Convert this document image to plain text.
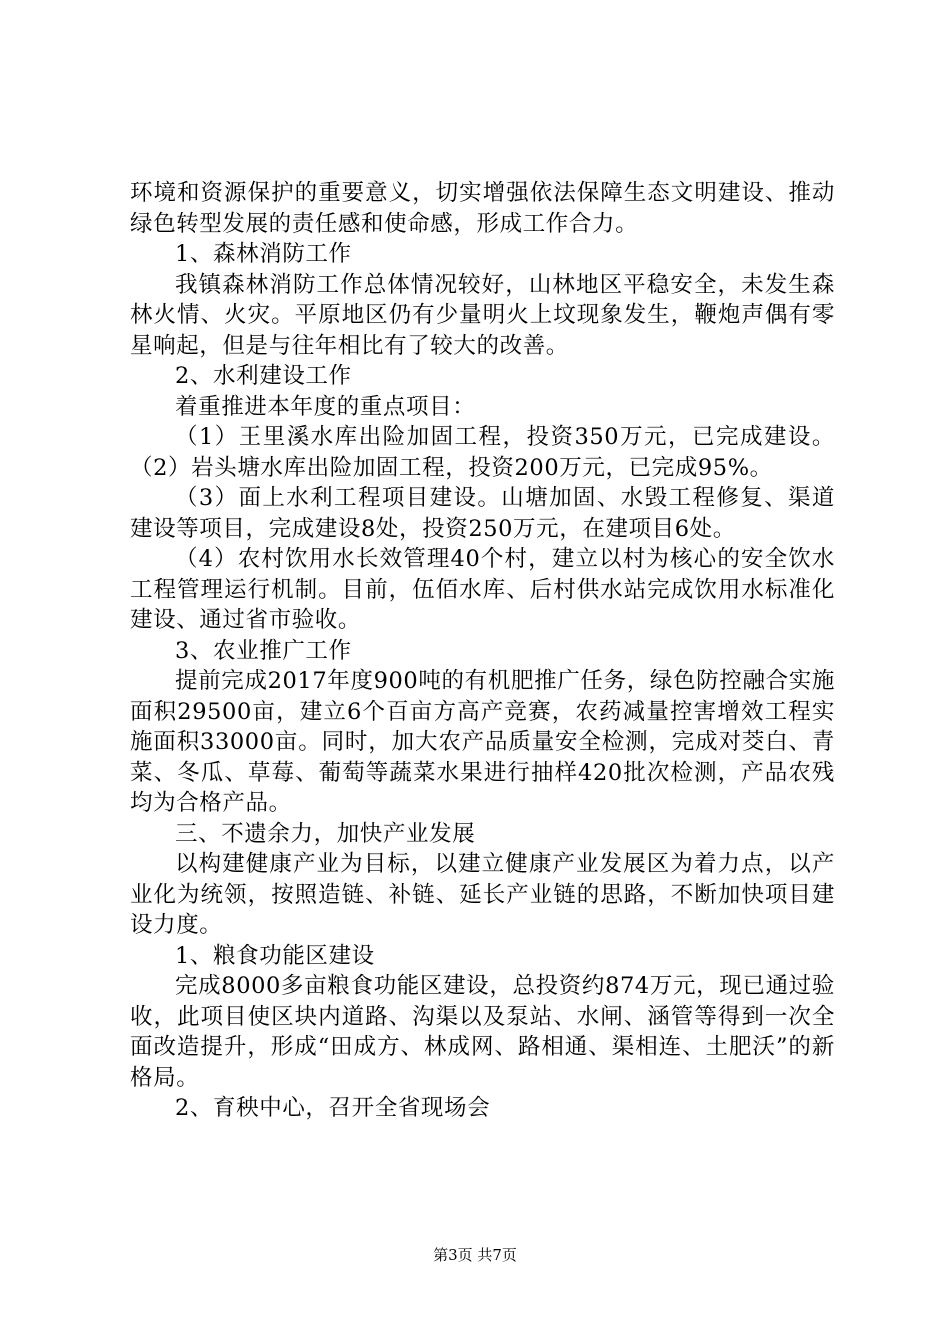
环境和资源保护的重要意义，切实增强依法保障生态文明建设、推动绿色转型发展的责任感和使命感，形成工作合力。

1、森林消防工作

我镇森林消防工作总体情况较好，山林地区平稳安全，未发生森林火情、火灾。平原地区仍有少量明火上坟现象发生，鞭炮声偶有零星响起，但是与往年相比有了较大的改善。

2、水利建设工作

着重推进本年度的重点项目：

（1）王里溪水库出险加固工程，投资350万元，已完成建设。（2）岩头塘水库出险加固工程，投资200万元，已完成95%。

（3）面上水利工程项目建设。山塘加固、水毁工程修复、渠道建设等项目，完成建设8处，投资250万元，在建项目6处。

（4）农村饮用水长效管理40个村，建立以村为核心的安全饮水工程管理运行机制。目前，伍佰水库、后村供水站完成饮用水标准化建设、通过省市验收。

3、农业推广工作

提前完成2017年度900吨的有机肥推广任务，绿色防控融合实施面积29500亩，建立6个百亩方高产竞赛，农药减量控害增效工程实施面积33000亩。同时，加大农产品质量安全检测，完成对茭白、青菜、冬瓜、草莓、葡萄等蔬菜水果进行抽样420批次检测，产品农残均为合格产品。

三、不遗余力，加快产业发展

以构建健康产业为目标，以建立健康产业发展区为着力点，以产业化为统领，按照造链、补链、延长产业链的思路，不断加快项目建设力度。

1、粮食功能区建设

完成8000多亩粮食功能区建设，总投资约874万元，现已通过验收，此项目使区块内道路、沟渠以及泵站、水闸、涵管等得到一次全面改造提升，形成“田成方、林成网、路相通、渠相连、土肥沃”的新格局。

2、育秧中心，召开全省现场会

第3页 共7页
